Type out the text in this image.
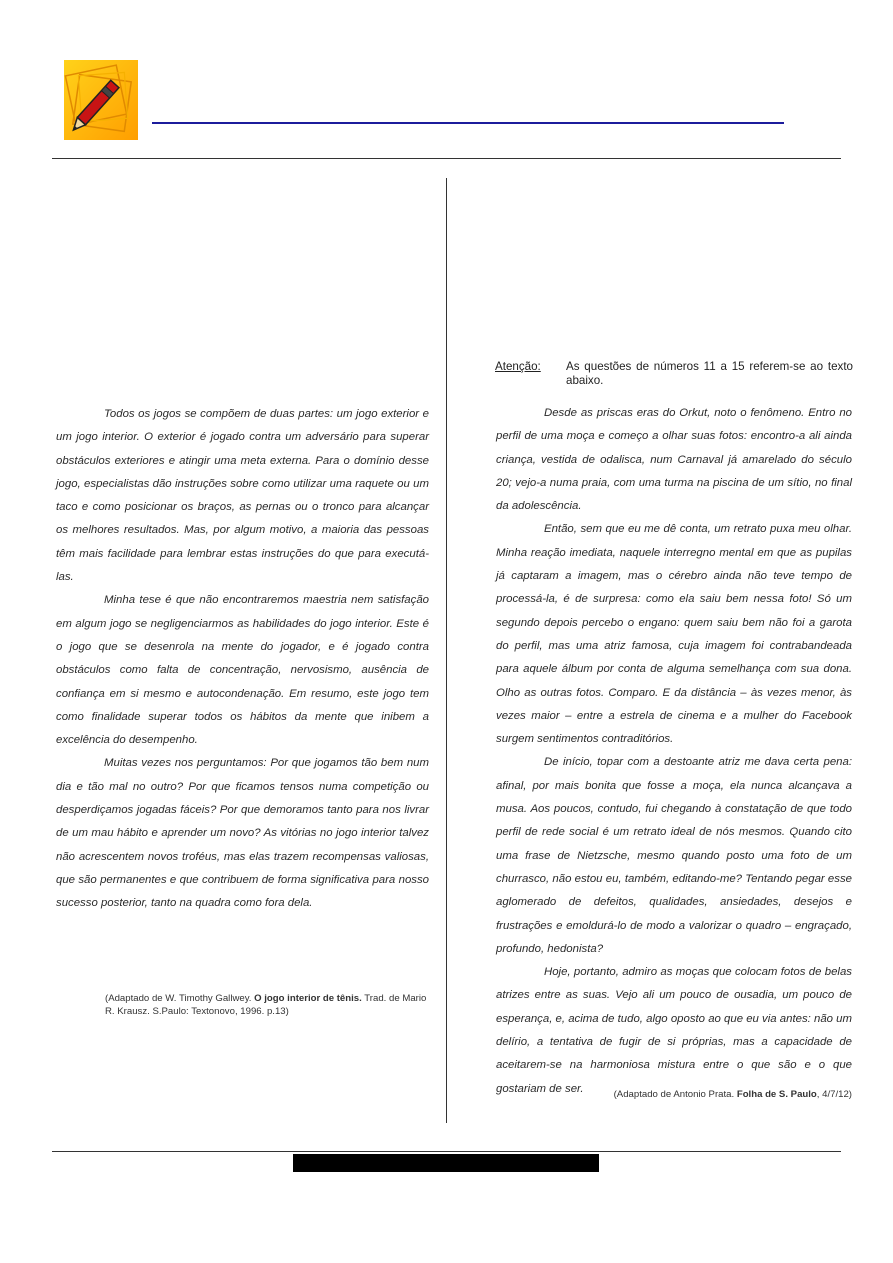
Todos os jogos se compõem de duas partes: um jogo exterior e um jogo interior. O exterior é jogado contra um adversário para superar obstáculos exteriores e atingir uma meta externa. Para o domínio desse jogo, especialistas dão instruções sobre como utilizar uma raquete ou um taco e como posicionar os braços, as pernas ou o tronco para alcançar os melhores resultados. Mas, por algum motivo, a maioria das pessoas têm mais facilidade para lembrar estas instruções do que para executá-las.

Minha tese é que não encontraremos maestria nem satisfação em algum jogo se negligenciarmos as habilidades do jogo interior. Este é o jogo que se desenrola na mente do jogador, e é jogado contra obstáculos como falta de concentração, nervosismo, ausência de confiança em si mesmo e autocondenação. Em resumo, este jogo tem como finalidade superar todos os hábitos da mente que inibem a excelência do desempenho.

Muitas vezes nos perguntamos: Por que jogamos tão bem num dia e tão mal no outro? Por que ficamos tensos numa competição ou desperdiçamos jogadas fáceis? Por que demoramos tanto para nos livrar de um mau hábito e aprender um novo? As vitórias no jogo interior talvez não acrescentem novos troféus, mas elas trazem recompensas valiosas, que são permanentes e que contribuem de forma significativa para nosso sucesso posterior, tanto na quadra como fora dela.

(Adaptado de W. Timothy Gallwey. O jogo interior de tênis. Trad. de Mario R. Krausz. S.Paulo: Textonovo, 1996. p.13)
Atenção: As questões de números 11 a 15 referem-se ao texto abaixo.

Desde as priscas eras do Orkut, noto o fenômeno. Entro no perfil de uma moça e começo a olhar suas fotos: encontro-a ali ainda criança, vestida de odalisca, num Carnaval já amarelado do século 20; vejo-a numa praia, com uma turma na piscina de um sítio, no final da adolescência.

Então, sem que eu me dê conta, um retrato puxa meu olhar. Minha reação imediata, naquele interregno mental em que as pupilas já captaram a imagem, mas o cérebro ainda não teve tempo de processá-la, é de surpresa: como ela saiu bem nessa foto! Só um segundo depois percebo o engano: quem saiu bem não foi a garota do perfil, mas uma atriz famosa, cuja imagem foi contrabandeada para aquele álbum por conta de alguma semelhança com sua dona. Olho as outras fotos. Comparo. E da distância – às vezes menor, às vezes maior – entre a estrela de cinema e a mulher do Facebook surgem sentimentos contraditórios.

De início, topar com a destoante atriz me dava certa pena: afinal, por mais bonita que fosse a moça, ela nunca alcançava a musa. Aos poucos, contudo, fui chegando à constatação de que todo perfil de rede social é um retrato ideal de nós mesmos. Quando cito uma frase de Nietzsche, mesmo quando posto uma foto de um churrasco, não estou eu, também, editando-me? Tentando pegar esse aglomerado de defeitos, qualidades, ansiedades, desejos e frustrações e emoldurá-lo de modo a valorizar o quadro – engraçado, profundo, hedonista?

Hoje, portanto, admiro as moças que colocam fotos de belas atrizes entre as suas. Vejo ali um pouco de ousadia, um pouco de esperança, e, acima de tudo, algo oposto ao que eu via antes: não um delírio, a tentativa de fugir de si próprias, mas a capacidade de aceitarem-se na harmoniosa mistura entre o que são e o que gostariam de ser.	(Adaptado de Antonio Prata. Folha de S. Paulo, 4/7/12)
